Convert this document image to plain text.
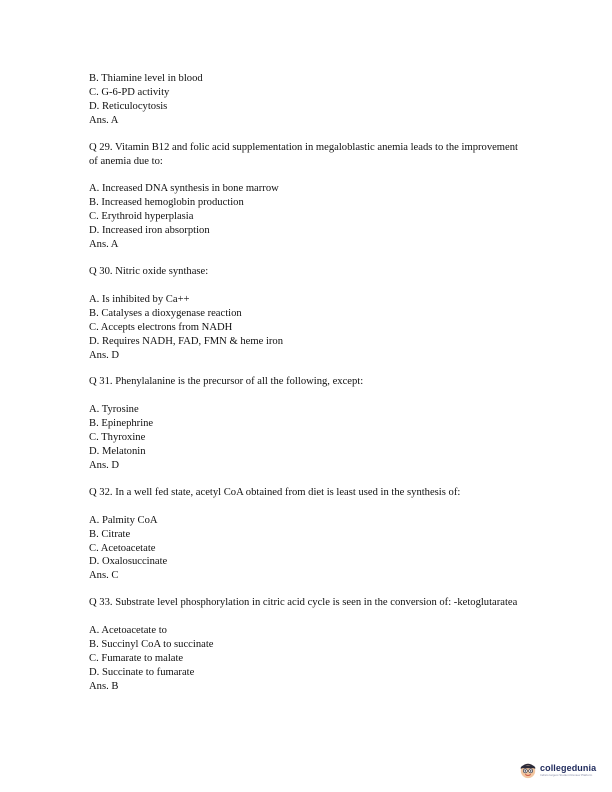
B. Thiamine level in blood
C. G-6-PD activity
D. Reticulocytosis
Ans. A
Q 29. Vitamin B12 and folic acid supplementation in megaloblastic anemia leads to the improvement of anemia due to:
A. Increased DNA synthesis in bone marrow
B. Increased hemoglobin production
C. Erythroid hyperplasia
D. Increased iron absorption
Ans. A
Q 30. Nitric oxide synthase:
A. Is inhibited by Ca++
B. Catalyses a dioxygenase reaction
C. Accepts electrons from NADH
D. Requires NADH, FAD, FMN & heme iron
Ans. D
Q 31. Phenylalanine is the precursor of all the following, except:
A. Tyrosine
B. Epinephrine
C. Thyroxine
D. Melatonin
Ans. D
Q 32. In a well fed state, acetyl CoA obtained from diet is least used in the synthesis of:
A. Palmity CoA
B. Citrate
C. Acetoacetate
D. Oxalosuccinate
Ans. C
Q 33. Substrate level phosphorylation in citric acid cycle is seen in the conversion of: -ketoglutaratea
A. Acetoacetate to
B. Succinyl CoA to succinate
C. Fumarate to malate
D. Succinate to fumarate
Ans. B
collegedunia
India's largest Student Review Platform
